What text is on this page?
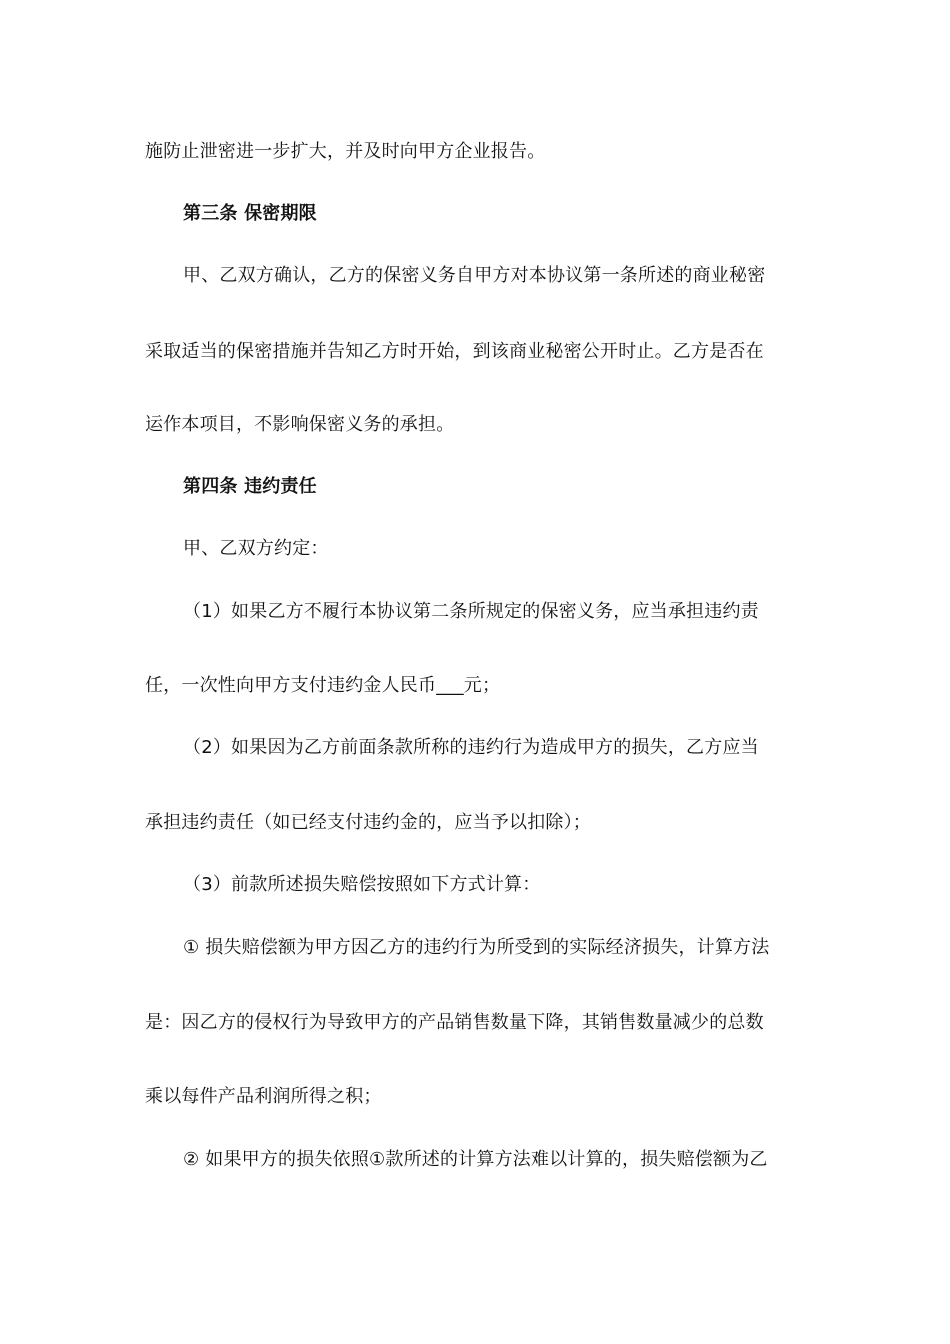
施防止泄密进一步扩大，并及时向甲方企业报告。
第三条 保密期限
甲、乙双方确认，乙方的保密义务自甲方对本协议第一条所述的商业秘密
采取适当的保密措施并告知乙方时开始，到该商业秘密公开时止。乙方是否在
运作本项目，不影响保密义务的承担。
第四条 违约责任
甲、乙双方约定：
（1）如果乙方不履行本协议第二条所规定的保密义务，应当承担违约责
任，一次性向甲方支付违约金人民币___元；
（2）如果因为乙方前面条款所称的违约行为造成甲方的损失，乙方应当
承担违约责任（如已经支付违约金的，应当予以扣除）；
（3）前款所述损失赔偿按照如下方式计算：
① 损失赔偿额为甲方因乙方的违约行为所受到的实际经济损失，计算方法
是：因乙方的侵权行为导致甲方的产品销售数量下降，其销售数量减少的总数
乘以每件产品利润所得之积；
② 如果甲方的损失依照①款所述的计算方法难以计算的，损失赔偿额为乙
